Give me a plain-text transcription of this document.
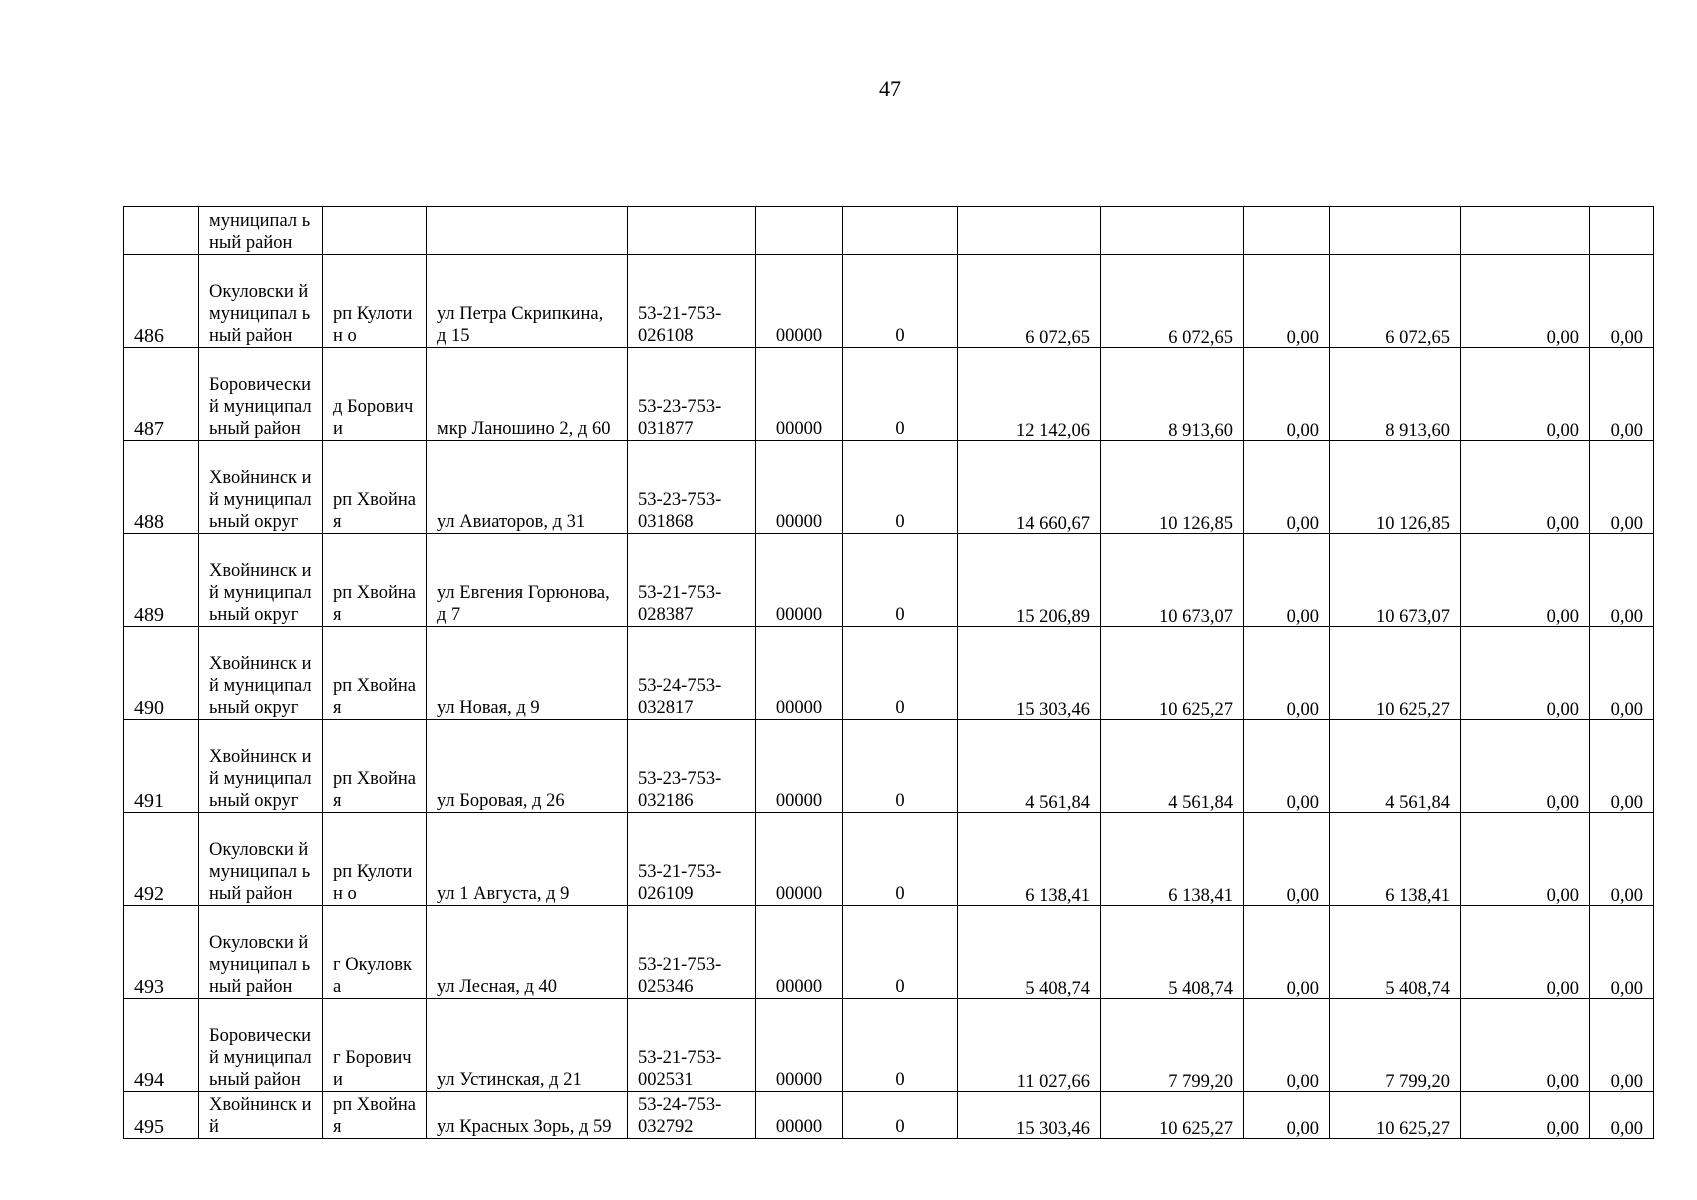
47
	муниципал ьный район											
486	Окуловски й муниципал ьный район	рп Кулотин о	ул Петра Скрипкина, д 15	53-21-753- 026108	00000	0	6 072,65	6 072,65	0,00	6 072,65	0,00	0,00
487	Боровически й муниципал ьный район	д Борович и	мкр Ланошино 2, д 60	53-23-753- 031877	00000	0	12 142,06	8 913,60	0,00	8 913,60	0,00	0,00
488	Хвойнинск ий муниципал ьный округ	рп Хвойная	ул Авиаторов, д 31	53-23-753- 031868	00000	0	14 660,67	10 126,85	0,00	10 126,85	0,00	0,00
489	Хвойнинск ий муниципал ьный округ	рп Хвойная	ул Евгения Горюнова, д 7	53-21-753- 028387	00000	0	15 206,89	10 673,07	0,00	10 673,07	0,00	0,00
490	Хвойнинск ий муниципал ьный округ	рп Хвойная	ул Новая, д 9	53-24-753- 032817	00000	0	15 303,46	10 625,27	0,00	10 625,27	0,00	0,00
491	Хвойнинск ий муниципал ьный округ	рп Хвойная	ул Боровая, д 26	53-23-753- 032186	00000	0	4 561,84	4 561,84	0,00	4 561,84	0,00	0,00
492	Окуловски й муниципал ьный район	рп Кулотин о	ул 1 Августа, д 9	53-21-753- 026109	00000	0	6 138,41	6 138,41	0,00	6 138,41	0,00	0,00
493	Окуловски й муниципал ьный район	г Окуловк а	ул Лесная, д 40	53-21-753- 025346	00000	0	5 408,74	5 408,74	0,00	5 408,74	0,00	0,00
494	Боровически й муниципал ьный район	г Борович и	ул Устинская, д 21	53-21-753- 002531	00000	0	11 027,66	7 799,20	0,00	7 799,20	0,00	0,00
495	Хвойнинск ий	рп Хвойная	ул Красных Зорь, д 59	53-24-753- 032792	00000	0	15 303,46	10 625,27	0,00	10 625,27	0,00	0,00
